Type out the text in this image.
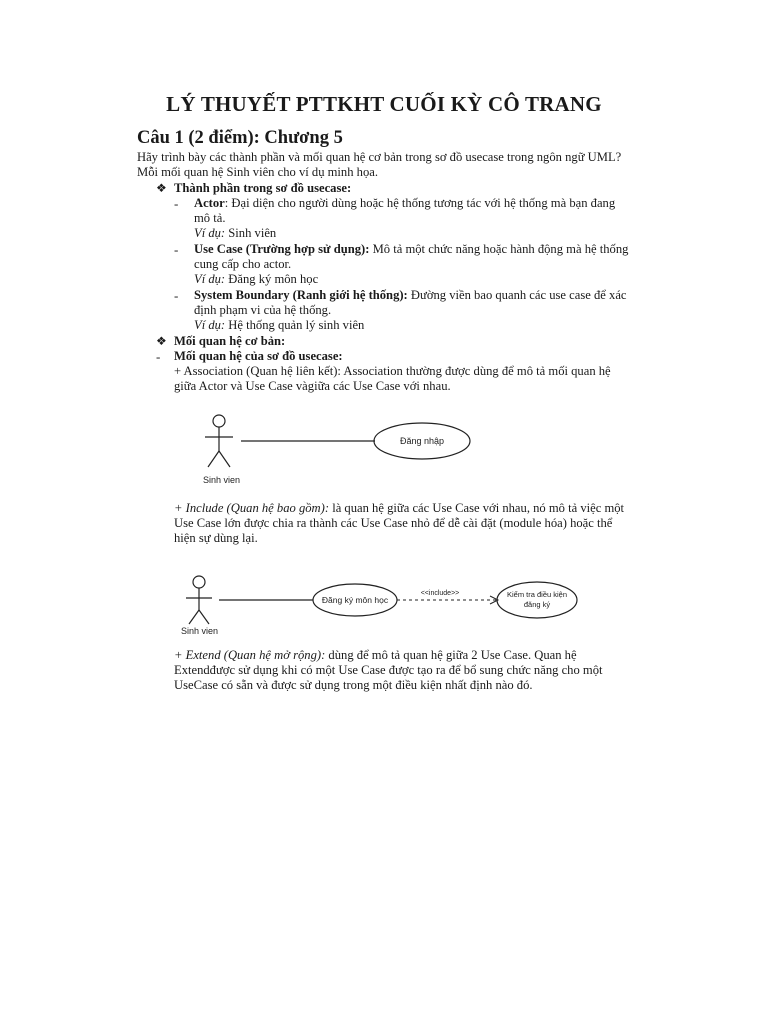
LÝ THUYẾT PTTKHT CUỐI KỲ CÔ TRANG
Câu 1 (2 điểm): Chương 5
Hãy trình bày các thành phần và mối quan hệ cơ bản trong sơ đồ usecase trong ngôn ngữ UML?
Mỗi mối quan hệ Sinh viên cho ví dụ minh họa.
❖ Thành phần trong sơ đồ usecase:
- Actor: Đại diện cho người dùng hoặc hệ thống tương tác với hệ thống mà bạn đang
mô tả.
Ví dụ: Sinh viên
- Use Case (Trường hợp sử dụng): Mô tả một chức năng hoặc hành động mà hệ thống
cung cấp cho actor.
Ví dụ: Đăng ký môn học
- System Boundary (Ranh giới hệ thống): Đường viền bao quanh các use case để xác
định phạm vi của hệ thống.
Ví dụ: Hệ thống quản lý sinh viên
❖ Mối quan hệ cơ bản:
- Mối quan hệ của sơ đồ usecase:
+ Association (Quan hệ liên kết): Association thường được dùng để mô tả mối quan hệ
giữa Actor và Use Case vàgiữa các Use Case với nhau.
Sinh vien
Đăng nhập
+ Include (Quan hệ bao gồm): là quan hệ giữa các Use Case với nhau, nó mô tả việc một
Use Case lớn được chia ra thành các Use Case nhỏ để dễ cài đặt (module hóa) hoặc thể
hiện sự dùng lại.
Sinh vien
Đăng ký môn học
<<include>>	Kiểm tra điều kiện
đăng ký
+ Extend (Quan hệ mở rộng): dùng để mô tả quan hệ giữa 2 Use Case. Quan hệ
Extendđược sử dụng khi có một Use Case được tạo ra để bổ sung chức năng cho một
UseCase có sẵn và được sử dụng trong một điều kiện nhất định nào đó.
